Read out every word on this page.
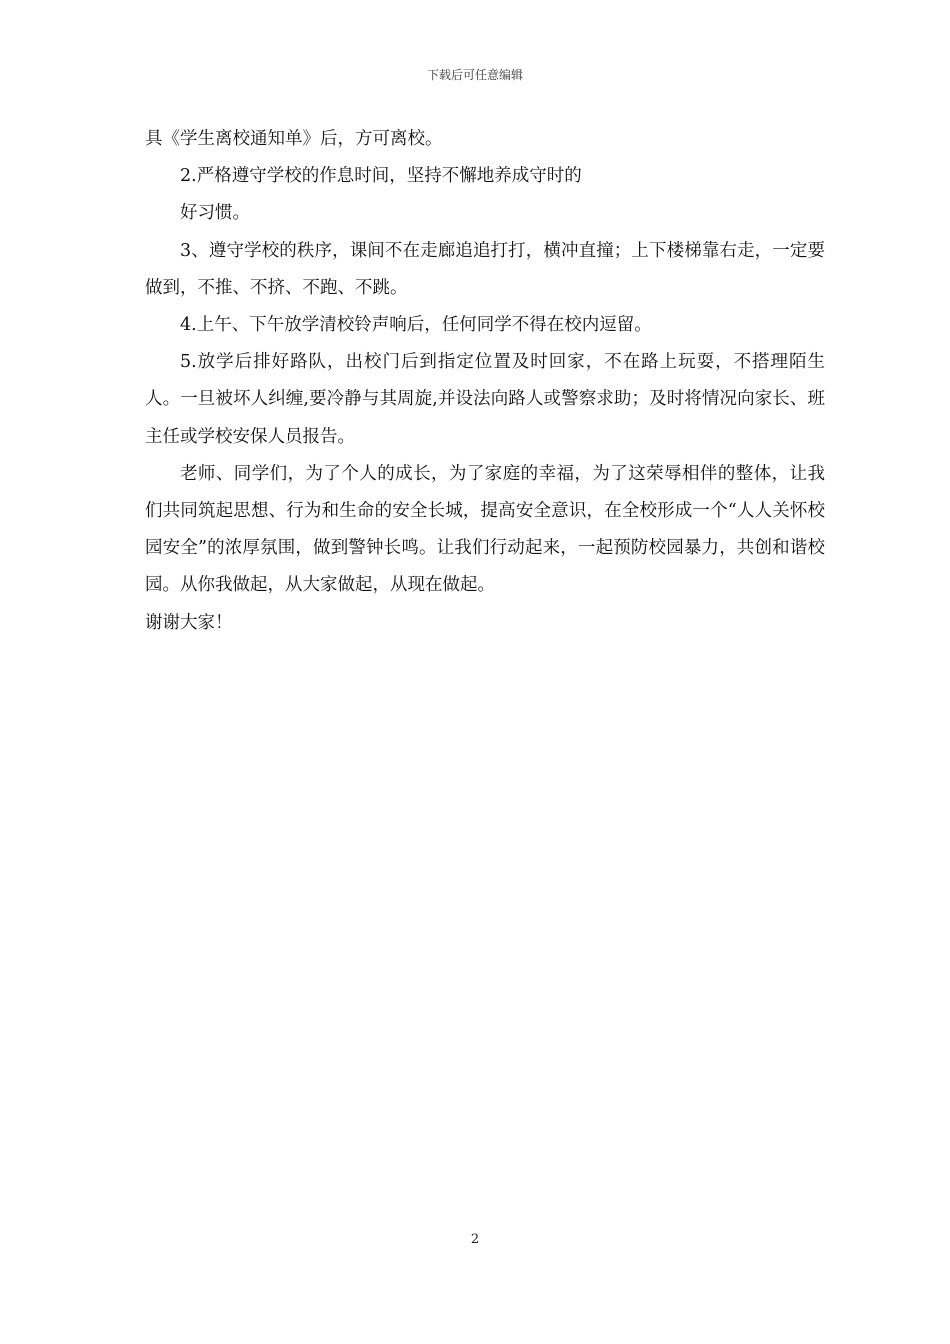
下载后可任意编辑

具《学生离校通知单》后，方可离校。

2.严格遵守学校的作息时间，坚持不懈地养成守时的

好习惯。

3、遵守学校的秩序，课间不在走廊追追打打，横冲直撞；上下楼梯靠右走，一定要做到，不推、不挤、不跑、不跳。

4.上午、下午放学清校铃声响后，任何同学不得在校内逗留。

5.放学后排好路队，出校门后到指定位置及时回家，不在路上玩耍，不搭理陌生人。一旦被坏人纠缠,要冷静与其周旋,并设法向路人或警察求助；及时将情况向家长、班主任或学校安保人员报告。

老师、同学们，为了个人的成长，为了家庭的幸福，为了这荣辱相伴的整体，让我们共同筑起思想、行为和生命的安全长城，提高安全意识，在全校形成一个“人人关怀校园安全”的浓厚氛围，做到警钟长鸣。让我们行动起来，一起预防校园暴力，共创和谐校园。从你我做起，从大家做起，从现在做起。

谢谢大家！

2
